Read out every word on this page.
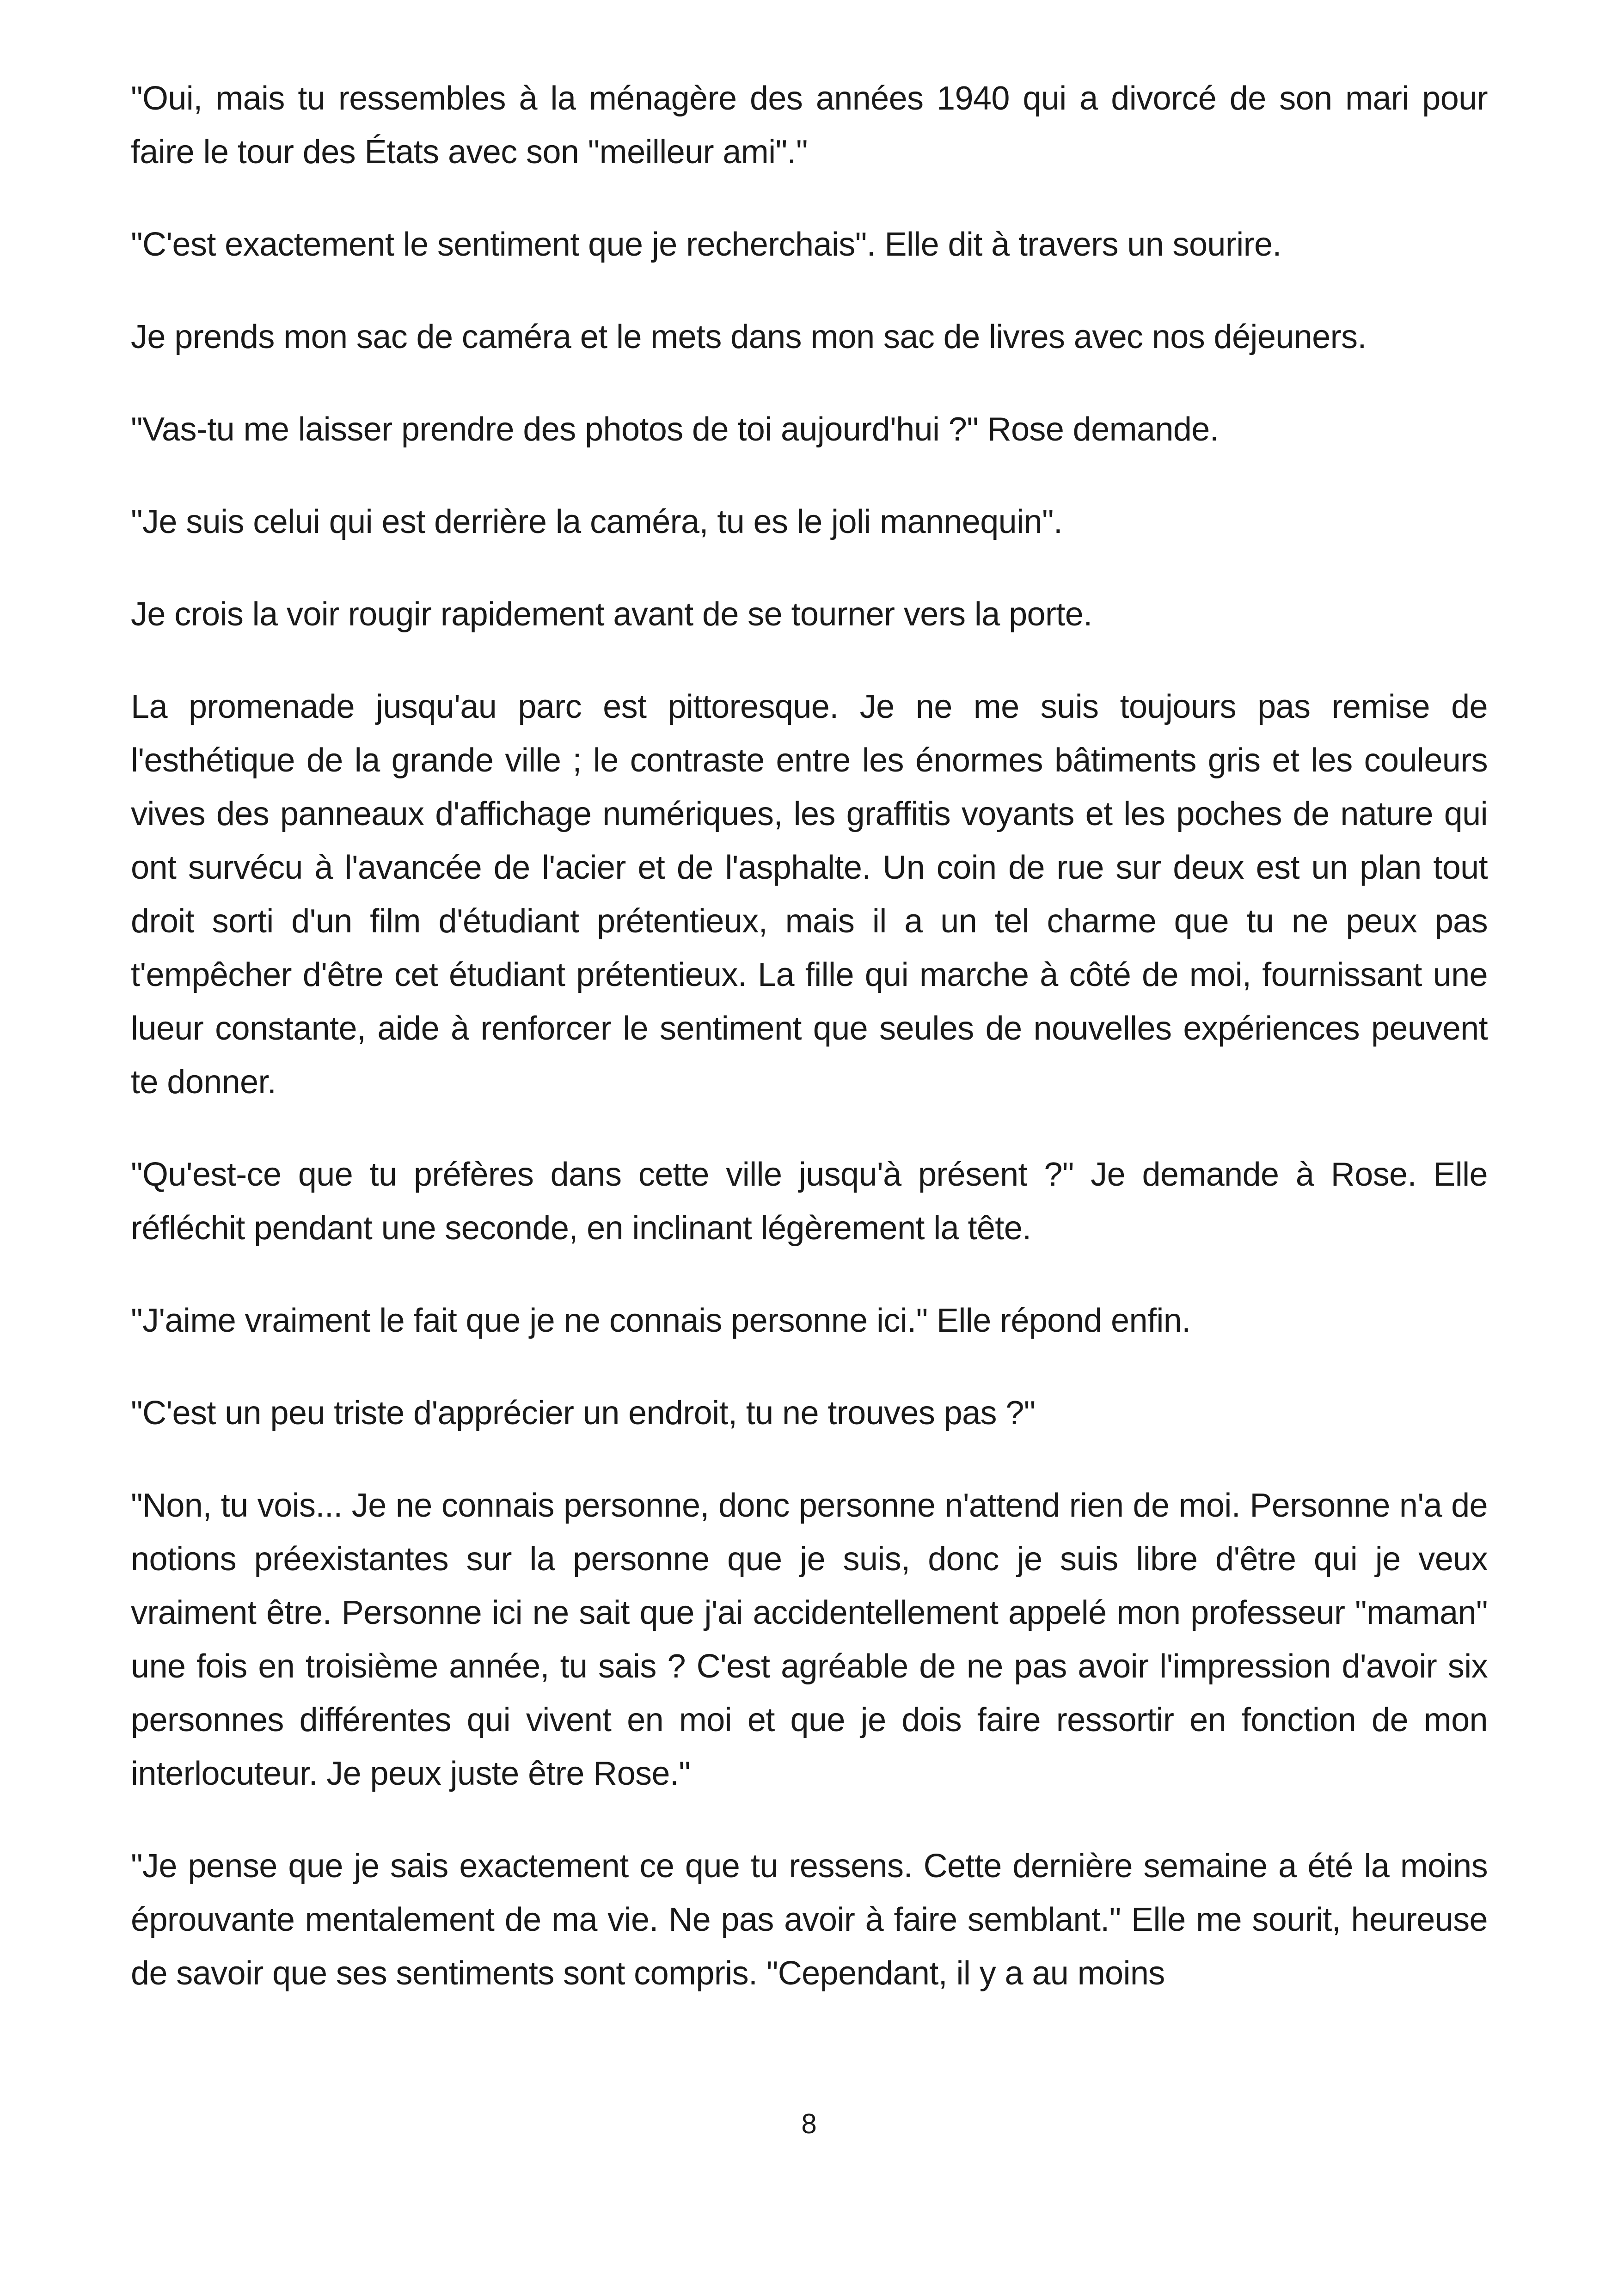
"Oui, mais tu ressembles à la ménagère des années 1940 qui a divorcé de son mari pour faire le tour des États avec son "meilleur ami"."

"C'est exactement le sentiment que je recherchais". Elle dit à travers un sourire.

Je prends mon sac de caméra et le mets dans mon sac de livres avec nos déjeuners.

"Vas-tu me laisser prendre des photos de toi aujourd'hui ?" Rose demande.

"Je suis celui qui est derrière la caméra, tu es le joli mannequin".

Je crois la voir rougir rapidement avant de se tourner vers la porte.

La promenade jusqu'au parc est pittoresque. Je ne me suis toujours pas remise de l'esthétique de la grande ville ; le contraste entre les énormes bâtiments gris et les couleurs vives des panneaux d'affichage numériques, les graffitis voyants et les poches de nature qui ont survécu à l'avancée de l'acier et de l'asphalte. Un coin de rue sur deux est un plan tout droit sorti d'un film d'étudiant prétentieux, mais il a un tel charme que tu ne peux pas t'empêcher d'être cet étudiant prétentieux. La fille qui marche à côté de moi, fournissant une lueur constante, aide à renforcer le sentiment que seules de nouvelles expériences peuvent te donner.

"Qu'est-ce que tu préfères dans cette ville jusqu'à présent ?" Je demande à Rose. Elle réfléchit pendant une seconde, en inclinant légèrement la tête.

"J'aime vraiment le fait que je ne connais personne ici." Elle répond enfin.

"C'est un peu triste d'apprécier un endroit, tu ne trouves pas ?"

"Non, tu vois... Je ne connais personne, donc personne n'attend rien de moi. Personne n'a de notions préexistantes sur la personne que je suis, donc je suis libre d'être qui je veux vraiment être. Personne ici ne sait que j'ai accidentellement appelé mon professeur "maman" une fois en troisième année, tu sais ? C'est agréable de ne pas avoir l'impression d'avoir six personnes différentes qui vivent en moi et que je dois faire ressortir en fonction de mon interlocuteur. Je peux juste être Rose."

"Je pense que je sais exactement ce que tu ressens. Cette dernière semaine a été la moins éprouvante mentalement de ma vie. Ne pas avoir à faire semblant." Elle me sourit, heureuse de savoir que ses sentiments sont compris. "Cependant, il y a au moins

8
